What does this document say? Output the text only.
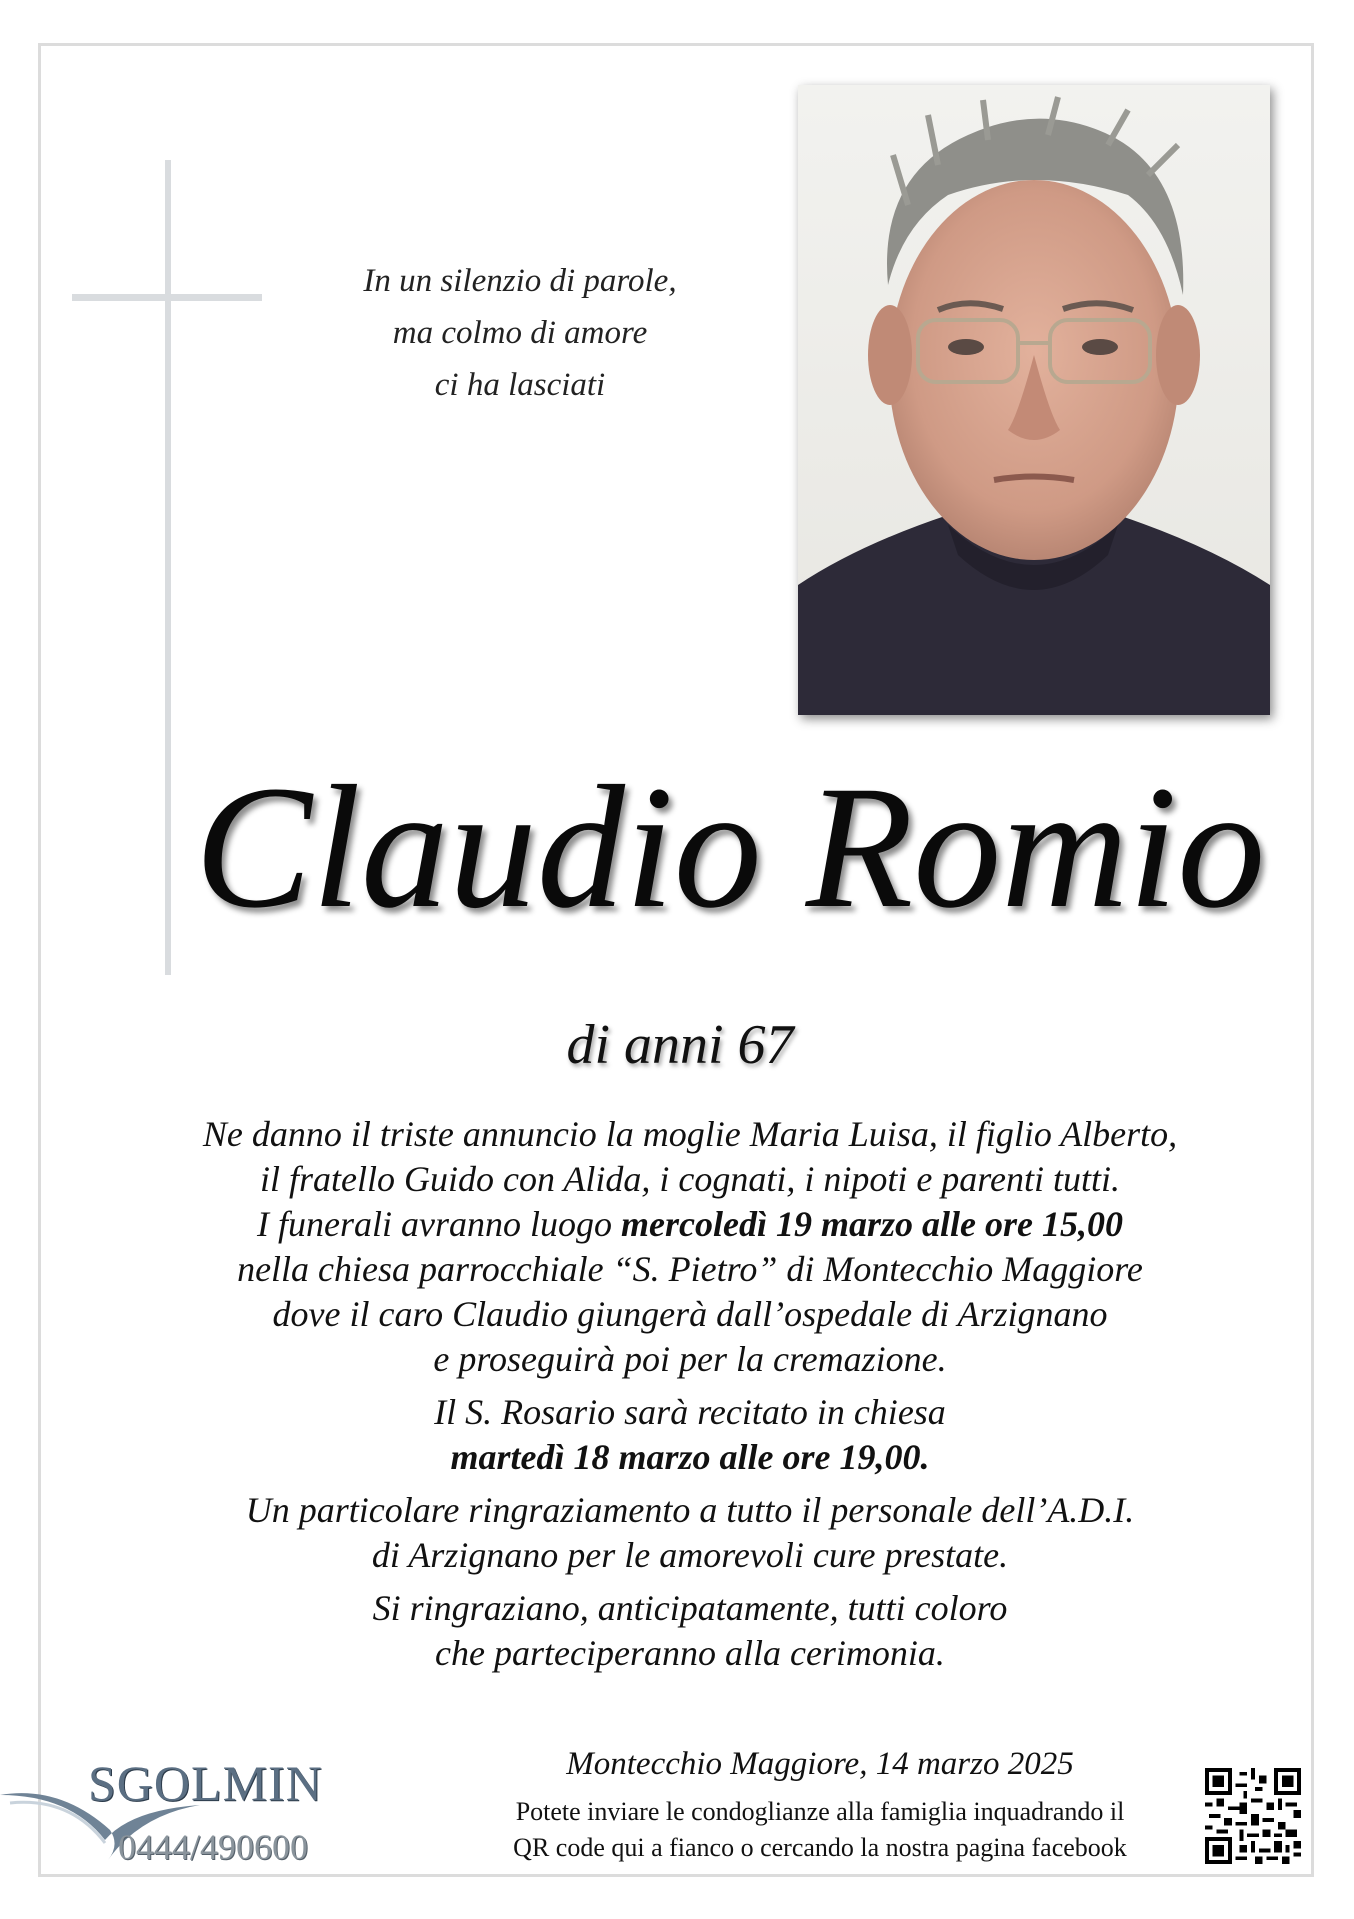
In un silenzio di parole,
ma colmo di amore
ci ha lasciati
Claudio Romio
di anni 67
Ne danno il triste annuncio la moglie Maria Luisa, il figlio Alberto,
il fratello Guido con Alida, i cognati, i nipoti e parenti tutti.
I funerali avranno luogo mercoledì 19 marzo alle ore 15,00
nella chiesa parrocchiale “S. Pietro” di Montecchio Maggiore
dove il caro Claudio giungerà dall’ospedale di Arzignano
e proseguirà poi per la cremazione.
Il S. Rosario sarà recitato in chiesa
martedì 18 marzo alle ore 19,00.
Un particolare ringraziamento a tutto il personale dell’A.D.I.
di Arzignano per le amorevoli cure prestate.
Si ringraziano, anticipatamente, tutti coloro
che parteciperanno alla cerimonia.
Montecchio Maggiore, 14 marzo 2025
Potete inviare le condoglianze alla famiglia inquadrando il
QR code qui a fianco o cercando la nostra pagina facebook
SGOLMIN
0444/490600
